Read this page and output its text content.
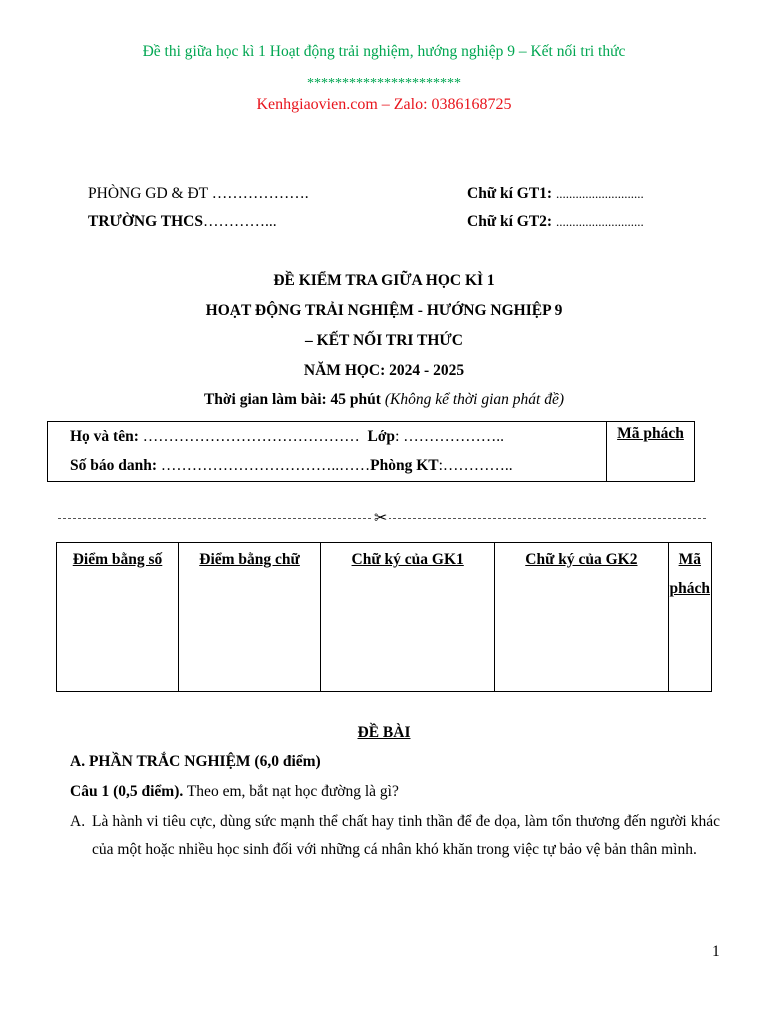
Đề thi giữa học kì 1 Hoạt động trải nghiệm, hướng nghiệp 9 – Kết nối tri thức
**********************
Kenhgiaovien.com – Zalo: 0386168725
PHÒNG GD & ĐT ……………….
TRƯỜNG THCS…………...
Chữ kí GT1: ...........................
Chữ kí GT2: ...........................
ĐỀ KIỂM TRA GIỮA HỌC KÌ 1
HOẠT ĐỘNG TRẢI NGHIỆM - HƯỚNG NGHIỆP 9
– KẾT NỐI TRI THỨC
NĂM HỌC: 2024 - 2025
Thời gian làm bài: 45 phút (Không kể thời gian phát đề)
Họ và tên: …………………………………… Lớp: ………………..
Số báo danh: ……………………………..……Phòng KT:…………..
	Mã phách
✂
Điểm bằng số	Điểm bằng chữ	Chữ ký của GK1	Chữ ký của GK2	Mã phách
ĐỀ BÀI
A. PHẦN TRẮC NGHIỆM (6,0 điểm)
Câu 1 (0,5 điểm). Theo em, bắt nạt học đường là gì?
A. Là hành vi tiêu cực, dùng sức mạnh thể chất hay tinh thần để đe dọa, làm tổn thương đến người khác của một hoặc nhiều học sinh đối với những cá nhân khó khăn trong việc tự bảo vệ bản thân mình.
1
